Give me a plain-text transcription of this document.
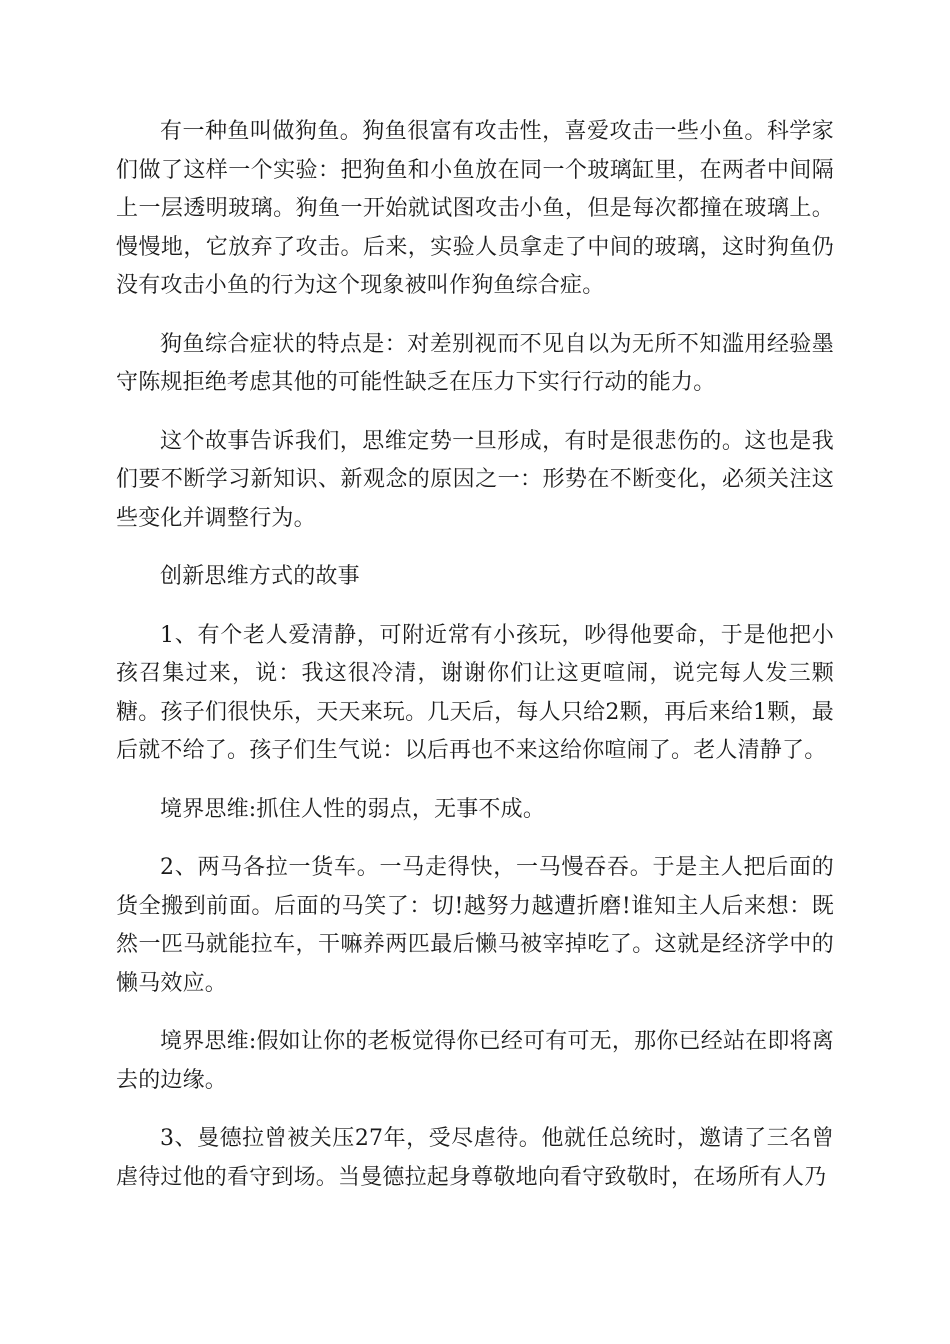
有一种鱼叫做狗鱼。狗鱼很富有攻击性，喜爱攻击一些小鱼。科学家们做了这样一个实验：把狗鱼和小鱼放在同一个玻璃缸里，在两者中间隔上一层透明玻璃。狗鱼一开始就试图攻击小鱼，但是每次都撞在玻璃上。慢慢地，它放弃了攻击。后来，实验人员拿走了中间的玻璃，这时狗鱼仍没有攻击小鱼的行为这个现象被叫作狗鱼综合症。

狗鱼综合症状的特点是：对差别视而不见自以为无所不知滥用经验墨守陈规拒绝考虑其他的可能性缺乏在压力下实行行动的能力。

这个故事告诉我们，思维定势一旦形成，有时是很悲伤的。这也是我们要不断学习新知识、新观念的原因之一：形势在不断变化，必须关注这些变化并调整行为。

创新思维方式的故事

1、有个老人爱清静，可附近常有小孩玩，吵得他要命，于是他把小孩召集过来，说：我这很冷清，谢谢你们让这更喧闹，说完每人发三颗糖。孩子们很快乐，天天来玩。几天后，每人只给2颗，再后来给1颗，最后就不给了。孩子们生气说：以后再也不来这给你喧闹了。老人清静了。

境界思维:抓住人性的弱点，无事不成。

2、两马各拉一货车。一马走得快，一马慢吞吞。于是主人把后面的货全搬到前面。后面的马笑了：切!越努力越遭折磨!谁知主人后来想：既然一匹马就能拉车，干嘛养两匹最后懒马被宰掉吃了。这就是经济学中的懒马效应。

境界思维:假如让你的老板觉得你已经可有可无，那你已经站在即将离去的边缘。

3、曼德拉曾被关压27年，受尽虐待。他就任总统时，邀请了三名曾虐待过他的看守到场。当曼德拉起身尊敬地向看守致敬时，在场所有人乃
